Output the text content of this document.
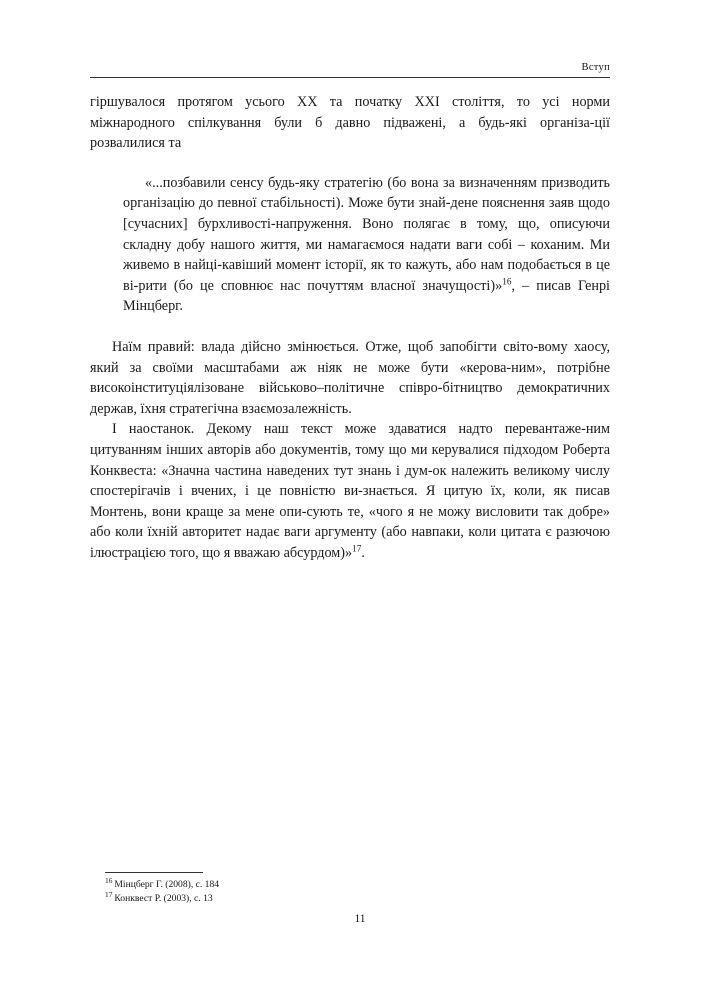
Вступ

гіршувалося протягом усього ХХ та початку ХХІ століття, то усі норми міжнародного спілкування були б давно підважені, а будь-які організа-ції розвалилися та

«...позбавили сенсу будь-яку стратегію (бо вона за визначенням призводить організацію до певної стабільності). Може бути знай-дене пояснення заяв щодо [сучасних] бурхливості-напруження. Воно полягає в тому, що, описуючи складну добу нашого життя, ми намагаємося надати ваги собі – коханим. Ми живемо в найці-кавіший момент історії, як то кажуть, або нам подобається в це ві-рити (бо це сповнює нас почуттям власної значущості)»$^{16}$, – писав Генрі Мінцберг.

Наїм правий: влада дійсно змінюється. Отже, щоб запобігти світо-вому хаосу, який за своїми масштабами аж ніяк не може бути «керова-ним», потрібне високоінституціялізоване військово–політичне співро-бітництво демократичних держав, їхня стратегічна взаємозалежність.

І наостанок. Декому наш текст може здаватися надто перевантаже-ним цитуванням інших авторів або документів, тому що ми керувалися підходом Роберта Конквеста: «Значна частина наведених тут знань і дум-ок належить великому числу спостерігачів і вчених, і це повністю ви-знається. Я цитую їх, коли, як писав Монтень, вони краще за мене опи-сують те, «чого я не можу висловити так добре» або коли їхній авторитет надає ваги аргументу (або навпаки, коли цитата є разючою ілюстрацією того, що я вважаю абсурдом)»$^{17}$.

$^{16}$ Мінцберг Г. (2008), с. 184

$^{17}$ Конквест Р. (2003), с. 13

11
